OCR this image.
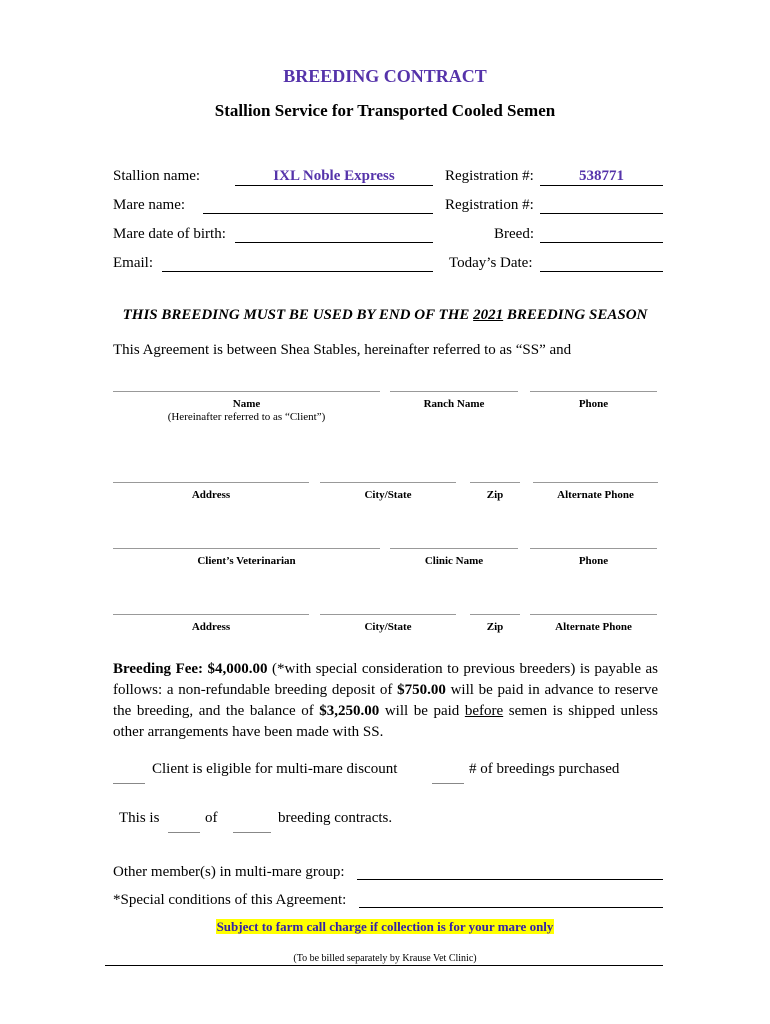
BREEDING CONTRACT
Stallion Service for Transported Cooled Semen
Stallion name:	IXL Noble Express	Registration #:	538771
Mare name:	Registration #:
Mare date of birth:	Breed:
Email:	Today’s Date:
THIS BREEDING MUST BE USED BY END OF THE 2021 BREEDING SEASON
This Agreement is between Shea Stables, hereinafter referred to as “SS” and
Name
(Hereinafter referred to as “Client”)
Ranch Name	Phone
Address	City/State	Zip	Alternate Phone
Client’s Veterinarian	Clinic Name	Phone
Address	City/State	Zip	Alternate Phone
Breeding Fee: $4,000.00 (*with special consideration to previous breeders) is payable as follows: a non-refundable breeding deposit of $750.00 will be paid in advance to reserve the breeding, and the balance of $3,250.00 will be paid before semen is shipped unless other arrangements have been made with SS.
Client is eligible for multi-mare discount	# of breedings purchased
This is	of	breeding contracts.
Other member(s) in multi-mare group:
*Special conditions of this Agreement:
Subject to farm call charge if collection is for your mare only
(To be billed separately by Krause Vet Clinic)
